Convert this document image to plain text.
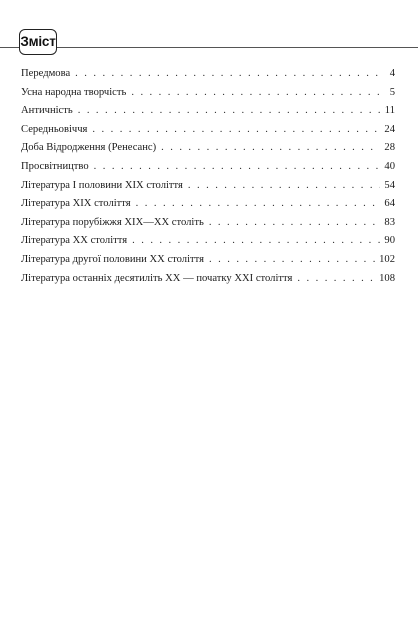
Зміст
Передмова . . .	4
Усна народна творчість . . .	5
Античність . . .	11
Середньовіччя . . .	24
Доба Відродження (Ренесанс) . . .	28
Просвітництво . . .	40
Література І половини ХІХ століття . . .	54
Література ХІХ століття . . .	64
Література порубіжжя ХІХ—ХХ століть . . .	83
Література ХХ століття . . .	90
Література другої половини ХХ століття . . .	102
Література останніх десятиліть ХХ — початку ХХІ століття . . .	108
